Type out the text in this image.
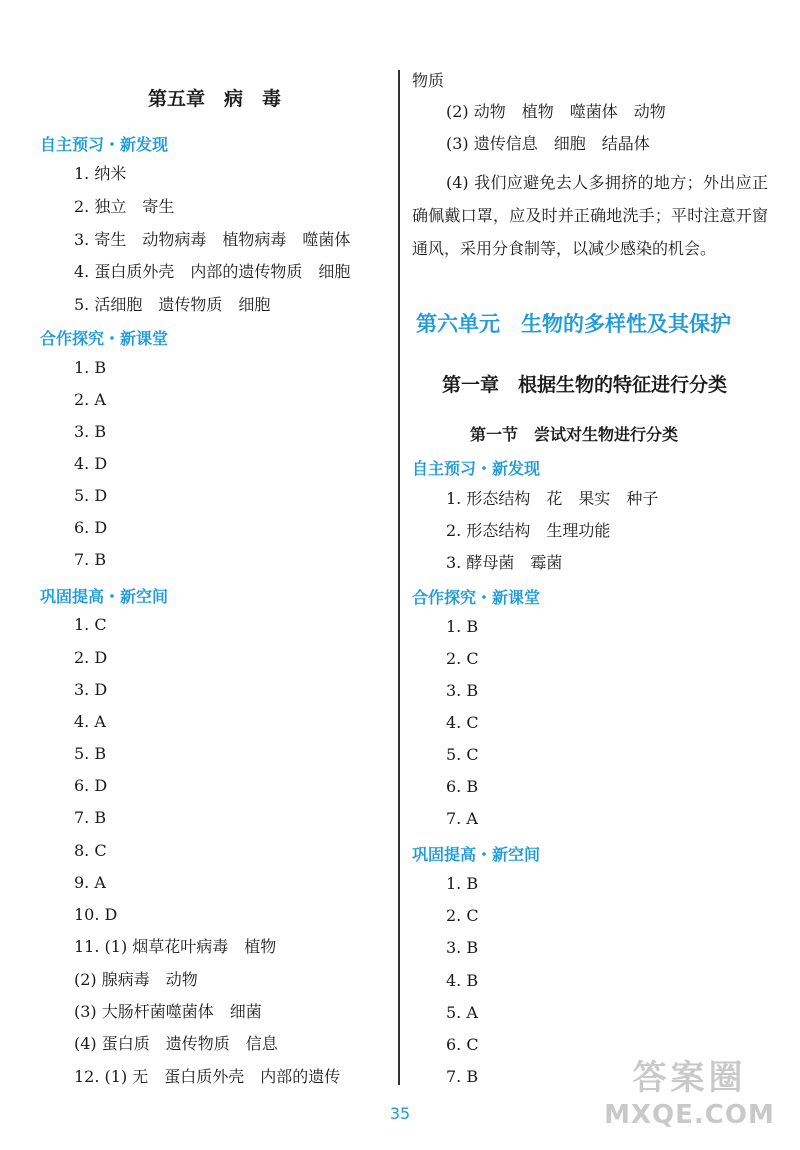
第五章　病　毒
自主预习・新发现
1. 纳米
2. 独立　寄生
3. 寄生　动物病毒　植物病毒　噬菌体
4. 蛋白质外壳　内部的遗传物质　细胞
5. 活细胞　遗传物质　细胞
合作探究・新课堂
1. B
2. A
3. B
4. D
5. D
6. D
7. B
巩固提高・新空间
1. C
2. D
3. D
4. A
5. B
6. D
7. B
8. C
9. A
10. D
11. (1) 烟草花叶病毒　植物
(2) 腺病毒　动物
(3) 大肠杆菌噬菌体　细菌
(4) 蛋白质　遗传物质　信息
12. (1) 无　蛋白质外壳　内部的遗传
物质
(2) 动物　植物　噬菌体　动物
(3) 遗传信息　细胞　结晶体
(4) 我们应避免去人多拥挤的地方；外出应正确佩戴口罩，应及时并正确地洗手；平时注意开窗通风，采用分食制等，以减少感染的机会。
第六单元　生物的多样性及其保护
第一章　根据生物的特征进行分类
第一节　尝试对生物进行分类
自主预习・新发现
1. 形态结构　花　果实　种子
2. 形态结构　生理功能
3. 酵母菌　霉菌
合作探究・新课堂
1. B
2. C
3. B
4. C
5. C
6. B
7. A
巩固提高・新空间
1. B
2. C
3. B
4. B
5. A
6. C
7. B
35
答案圈
MXQE.COM
